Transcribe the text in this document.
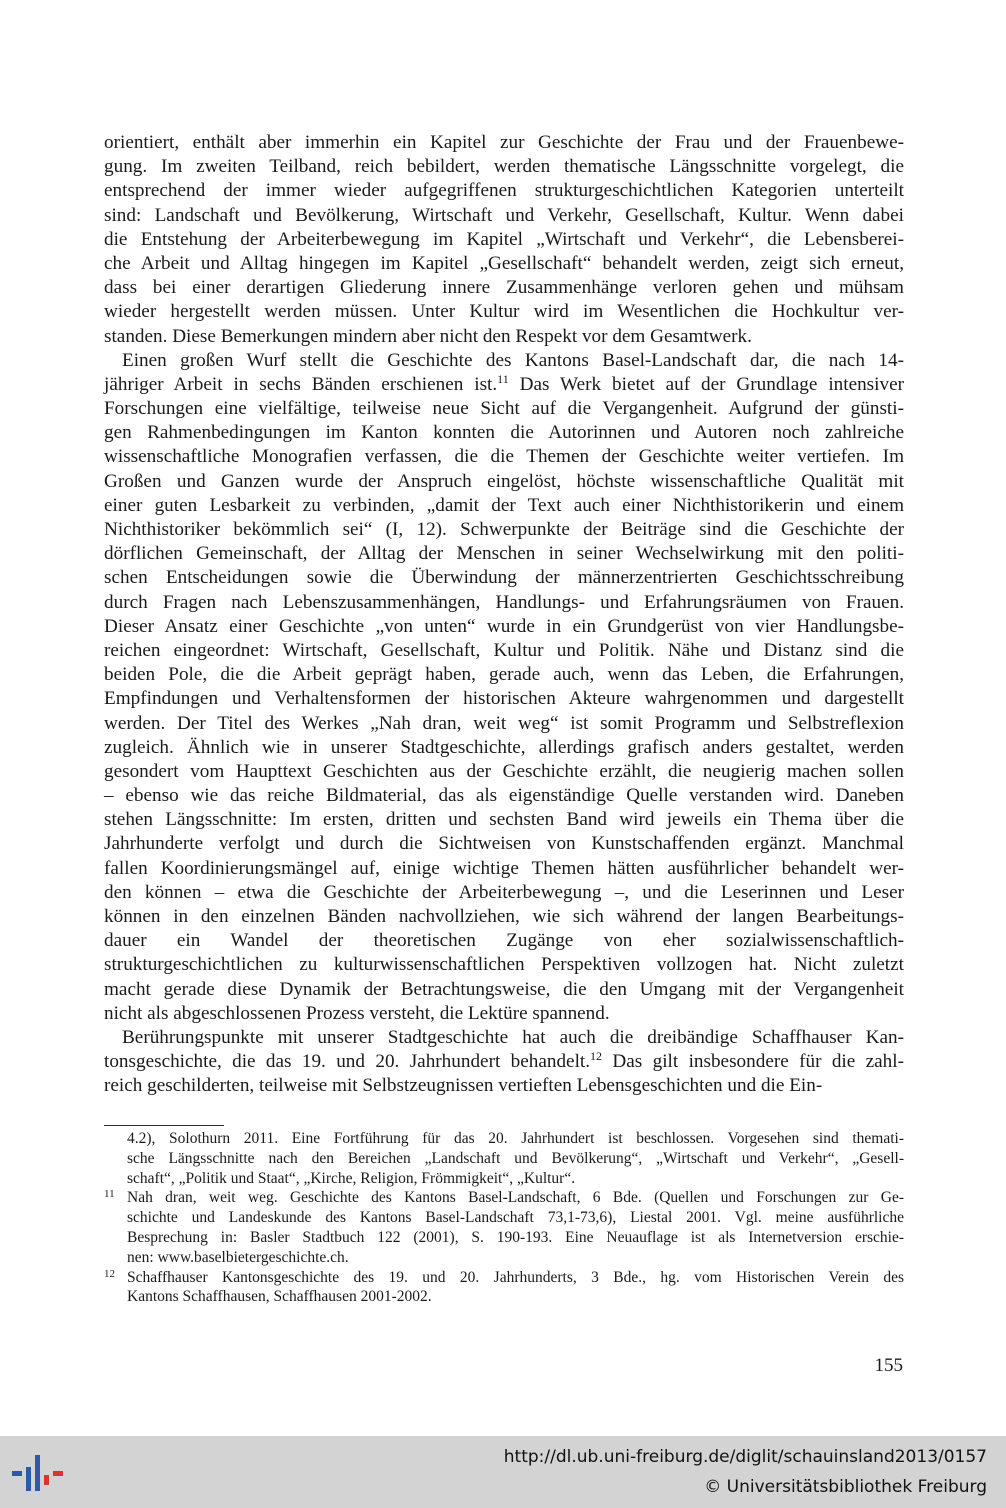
orientiert, enthält aber immerhin ein Kapitel zur Geschichte der Frau und der Frauenbewe-
gung. Im zweiten Teilband, reich bebildert, werden thematische Längsschnitte vorgelegt, die
entsprechend der immer wieder aufgegriffenen strukturgeschichtlichen Kategorien unterteilt
sind: Landschaft und Bevölkerung, Wirtschaft und Verkehr, Gesellschaft, Kultur. Wenn dabei
die Entstehung der Arbeiterbewegung im Kapitel „Wirtschaft und Verkehr“, die Lebensberei-
che Arbeit und Alltag hingegen im Kapitel „Gesellschaft“ behandelt werden, zeigt sich erneut,
dass bei einer derartigen Gliederung innere Zusammenhänge verloren gehen und mühsam
wieder hergestellt werden müssen. Unter Kultur wird im Wesentlichen die Hochkultur ver-
standen. Diese Bemerkungen mindern aber nicht den Respekt vor dem Gesamtwerk.
Einen großen Wurf stellt die Geschichte des Kantons Basel-Landschaft dar, die nach 14-
jähriger Arbeit in sechs Bänden erschienen ist.$^{11}$ Das Werk bietet auf der Grundlage intensiver
Forschungen eine vielfältige, teilweise neue Sicht auf die Vergangenheit. Aufgrund der günsti-
gen Rahmenbedingungen im Kanton konnten die Autorinnen und Autoren noch zahlreiche
wissenschaftliche Monografien verfassen, die die Themen der Geschichte weiter vertiefen. Im
Großen und Ganzen wurde der Anspruch eingelöst, höchste wissenschaftliche Qualität mit
einer guten Lesbarkeit zu verbinden, „damit der Text auch einer Nichthistorikerin und einem
Nichthistoriker bekömmlich sei“ (I, 12). Schwerpunkte der Beiträge sind die Geschichte der
dörflichen Gemeinschaft, der Alltag der Menschen in seiner Wechselwirkung mit den politi-
schen Entscheidungen sowie die Überwindung der männerzentrierten Geschichtsschreibung
durch Fragen nach Lebenszusammenhängen, Handlungs- und Erfahrungsräumen von Frauen.
Dieser Ansatz einer Geschichte „von unten“ wurde in ein Grundgerüst von vier Handlungsbe-
reichen eingeordnet: Wirtschaft, Gesellschaft, Kultur und Politik. Nähe und Distanz sind die
beiden Pole, die die Arbeit geprägt haben, gerade auch, wenn das Leben, die Erfahrungen,
Empfindungen und Verhaltensformen der historischen Akteure wahrgenommen und dargestellt
werden. Der Titel des Werkes „Nah dran, weit weg“ ist somit Programm und Selbstreflexion
zugleich. Ähnlich wie in unserer Stadtgeschichte, allerdings grafisch anders gestaltet, werden
gesondert vom Haupttext Geschichten aus der Geschichte erzählt, die neugierig machen sollen
– ebenso wie das reiche Bildmaterial, das als eigenständige Quelle verstanden wird. Daneben
stehen Längsschnitte: Im ersten, dritten und sechsten Band wird jeweils ein Thema über die
Jahrhunderte verfolgt und durch die Sichtweisen von Kunstschaffenden ergänzt. Manchmal
fallen Koordinierungsmängel auf, einige wichtige Themen hätten ausführlicher behandelt wer-
den können – etwa die Geschichte der Arbeiterbewegung –, und die Leserinnen und Leser
können in den einzelnen Bänden nachvollziehen, wie sich während der langen Bearbeitungs-
dauer ein Wandel der theoretischen Zugänge von eher sozialwissenschaftlich-
strukturgeschichtlichen zu kulturwissenschaftlichen Perspektiven vollzogen hat. Nicht zuletzt
macht gerade diese Dynamik der Betrachtungsweise, die den Umgang mit der Vergangenheit
nicht als abgeschlossenen Prozess versteht, die Lektüre spannend.
Berührungspunkte mit unserer Stadtgeschichte hat auch die dreibändige Schaffhauser Kan-
tonsgeschichte, die das 19. und 20. Jahrhundert behandelt.$^{12}$ Das gilt insbesondere für die zahl-
reich geschilderten, teilweise mit Selbstzeugnissen vertieften Lebensgeschichten und die Ein-
4.2), Solothurn 2011. Eine Fortführung für das 20. Jahrhundert ist beschlossen. Vorgesehen sind themati-
sche Längsschnitte nach den Bereichen „Landschaft und Bevölkerung“, „Wirtschaft und Verkehr“, „Gesell-
schaft“, „Politik und Staat“, „Kirche, Religion, Frömmigkeit“, „Kultur“.
11 Nah dran, weit weg. Geschichte des Kantons Basel-Landschaft, 6 Bde. (Quellen und Forschungen zur Ge-
schichte und Landeskunde des Kantons Basel-Landschaft 73,1-73,6), Liestal 2001. Vgl. meine ausführliche
Besprechung in: Basler Stadtbuch 122 (2001), S. 190-193. Eine Neuauflage ist als Internetversion erschie-
nen: www.baselbietergeschichte.ch.
12 Schaffhauser Kantonsgeschichte des 19. und 20. Jahrhunderts, 3 Bde., hg. vom Historischen Verein des
Kantons Schaffhausen, Schaffhausen 2001-2002.
155
http://dl.ub.uni-freiburg.de/diglit/schauinsland2013/0157
© Universitätsbibliothek Freiburg
